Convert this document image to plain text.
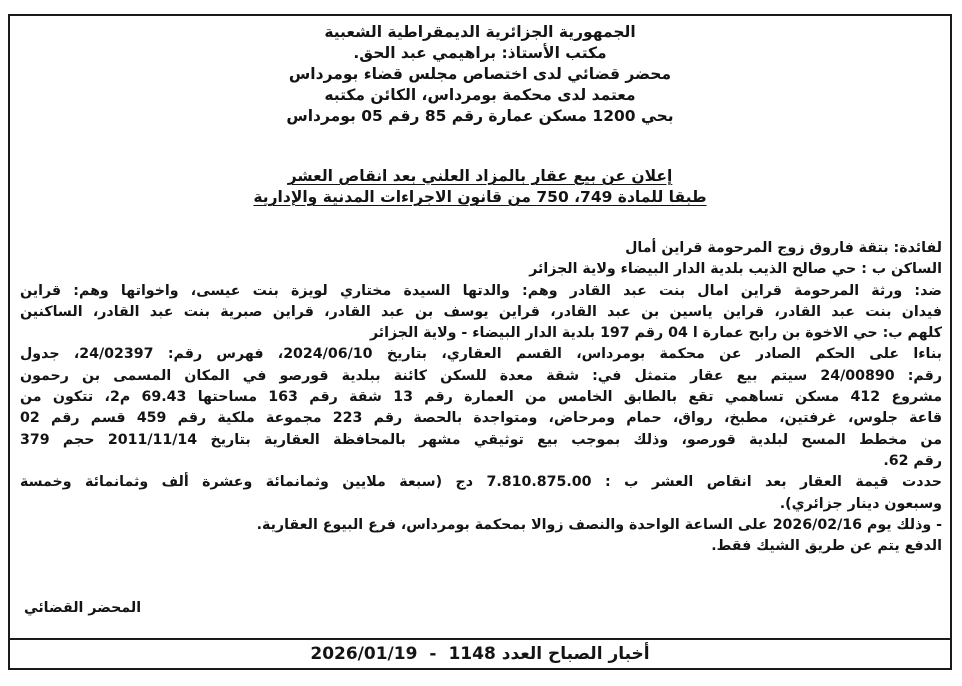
الجمهورية الجزائرية الديمقراطية الشعبية
مكتب الأستاذ: براهيمي عبد الحق.
محضر قضائي لدى اختصاص مجلس قضاء بومرداس
معتمد لدى محكمة بومرداس، الكائن مكتبه
بحي 1200 مسكن عمارة رقم 85 رقم 05 بومرداس
إعلان عن بيع عقار بالمزاد العلني بعد انقاص العشر
طبقا للمادة 749، 750 من قانون الاجراءات المدنية والإدارية
لفائدة: بتقة فاروق زوج المرحومة قراين أمال
الساكن ب : حي صالح الذيب بلدية الدار البيضاء ولاية الجزائر
ضد: ورثة المرحومة قراين امال بنت عبد القادر وهم: والدتها السيدة مختاري لويزة بنت عيسى، واخواتها وهم: قراين
فيدان بنت عبد القادر، قراين ياسين بن عبد القادر، قراين يوسف بن عبد القادر، قراين صبرية بنت عبد القادر، الساكنين
كلهم ب: حي الاخوة بن رابح عمارة ا 04 رقم 197 بلدية الدار البيضاء - ولاية الجزائر
بناءا على الحكم الصادر عن محكمة بومرداس، القسم العقاري، بتاريخ 2024/06/10، فهرس رقم: 24/02397، جدول
رقم: 24/00890 سيتم بيع عقار متمثل في: شقة معدة للسكن كائنة ببلدية قورصو في المكان المسمى بن رحمون
مشروع 412 مسكن تساهمي تقع بالطابق الخامس من العمارة رقم 13 شقة رقم 163 مساحتها 69.43 م2، تتكون من
قاعة جلوس، غرفتين، مطبخ، رواق، حمام ومرحاض، ومتواجدة بالحصة رقم 223 مجموعة ملكية رقم 459 قسم رقم 02
من مخطط المسح لبلدية قورصو، وذلك بموجب بيع توثيقي مشهر بالمحافظة العقارية بتاريخ 2011/11/14 حجم 379
رقم 62.
حددت قيمة العقار بعد انقاص العشر ب : 7.810.875.00 دج (سبعة ملايين وثمانمائة وعشرة ألف وثمانمائة وخمسة
وسبعون دينار جزائري).
- وذلك يوم 2026/02/16 على الساعة الواحدة والنصف زوالا بمحكمة بومرداس، فرع البيوع العقارية.
الدفع يتم عن طريق الشيك فقط.
المحضر القضائي
أخبار الصباح العدد 1148-2026/01/19
